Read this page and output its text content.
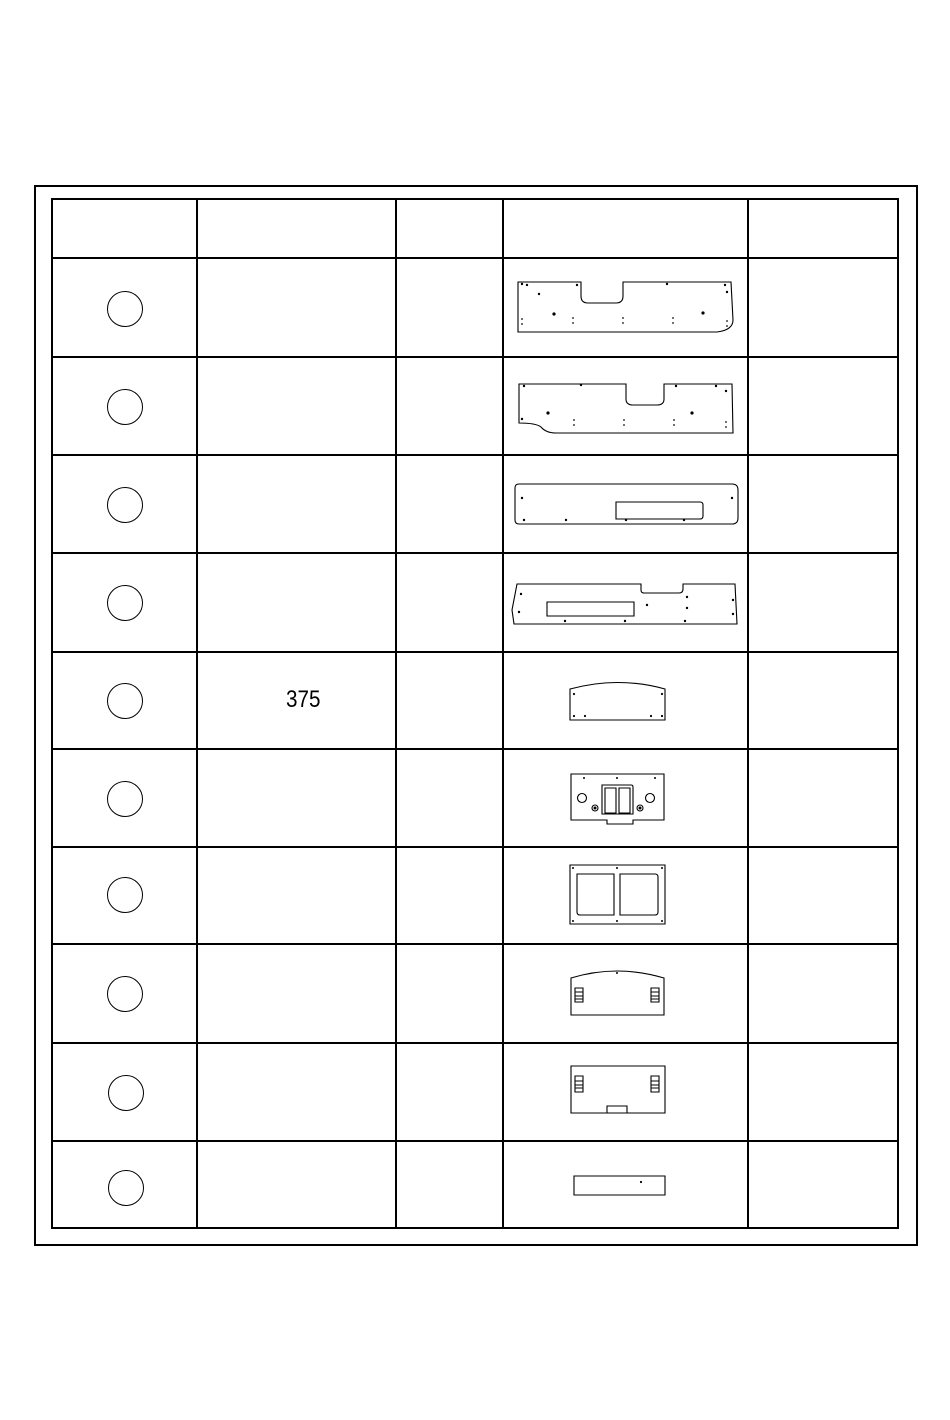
375
